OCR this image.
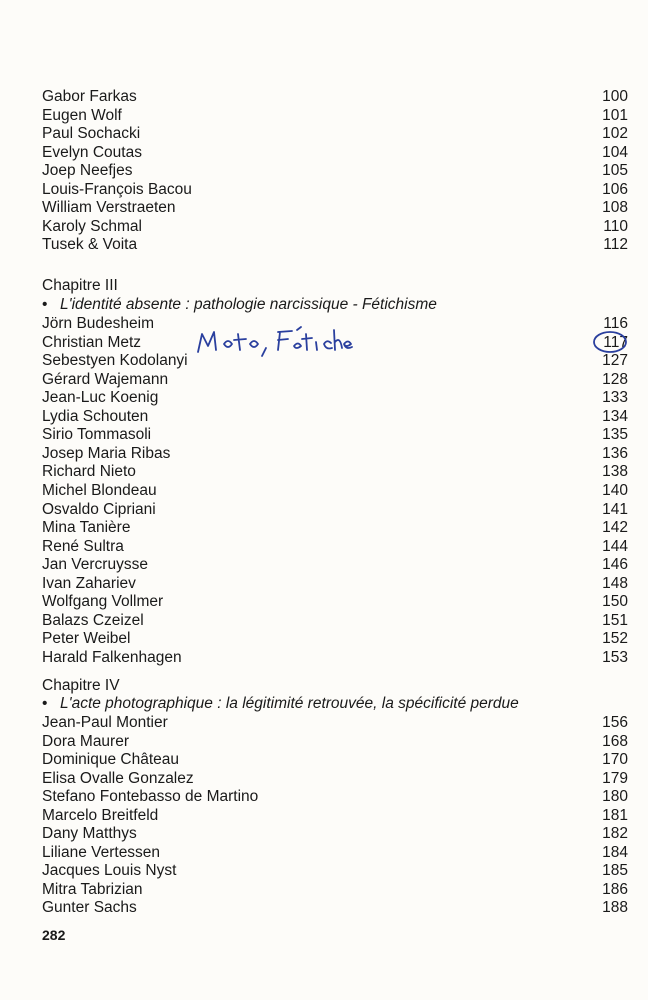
Gabor Farkas	100
Eugen Wolf	101
Paul Sochacki	102
Evelyn Coutas	104
Joep Neefjes	105
Louis-François Bacou	106
William Verstraeten	108
Karoly Schmal	110
Tusek & Voita	112
Chapitre III
• L'identité absente : pathologie narcissique - Fétichisme
Jörn Budesheim	116
Christian Metz	117
Sebestyen Kodolanyi	127
Gérard Wajemann	128
Jean-Luc Koenig	133
Lydia Schouten	134
Sirio Tommasoli	135
Josep Maria Ribas	136
Richard Nieto	138
Michel Blondeau	140
Osvaldo Cipriani	141
Mina Tanière	142
René Sultra	144
Jan Vercruysse	146
Ivan Zahariev	148
Wolfgang Vollmer	150
Balazs Czeizel	151
Peter Weibel	152
Harald Falkenhagen	153
Chapitre IV
• L'acte photographique : la légitimité retrouvée, la spécificité perdue
Jean-Paul Montier	156
Dora Maurer	168
Dominique Château	170
Elisa Ovalle Gonzalez	179
Stefano Fontebasso de Martino	180
Marcelo Breitfeld	181
Dany Matthys	182
Liliane Vertessen	184
Jacques Louis Nyst	185
Mitra Tabrizian	186
Gunter Sachs	188
282
